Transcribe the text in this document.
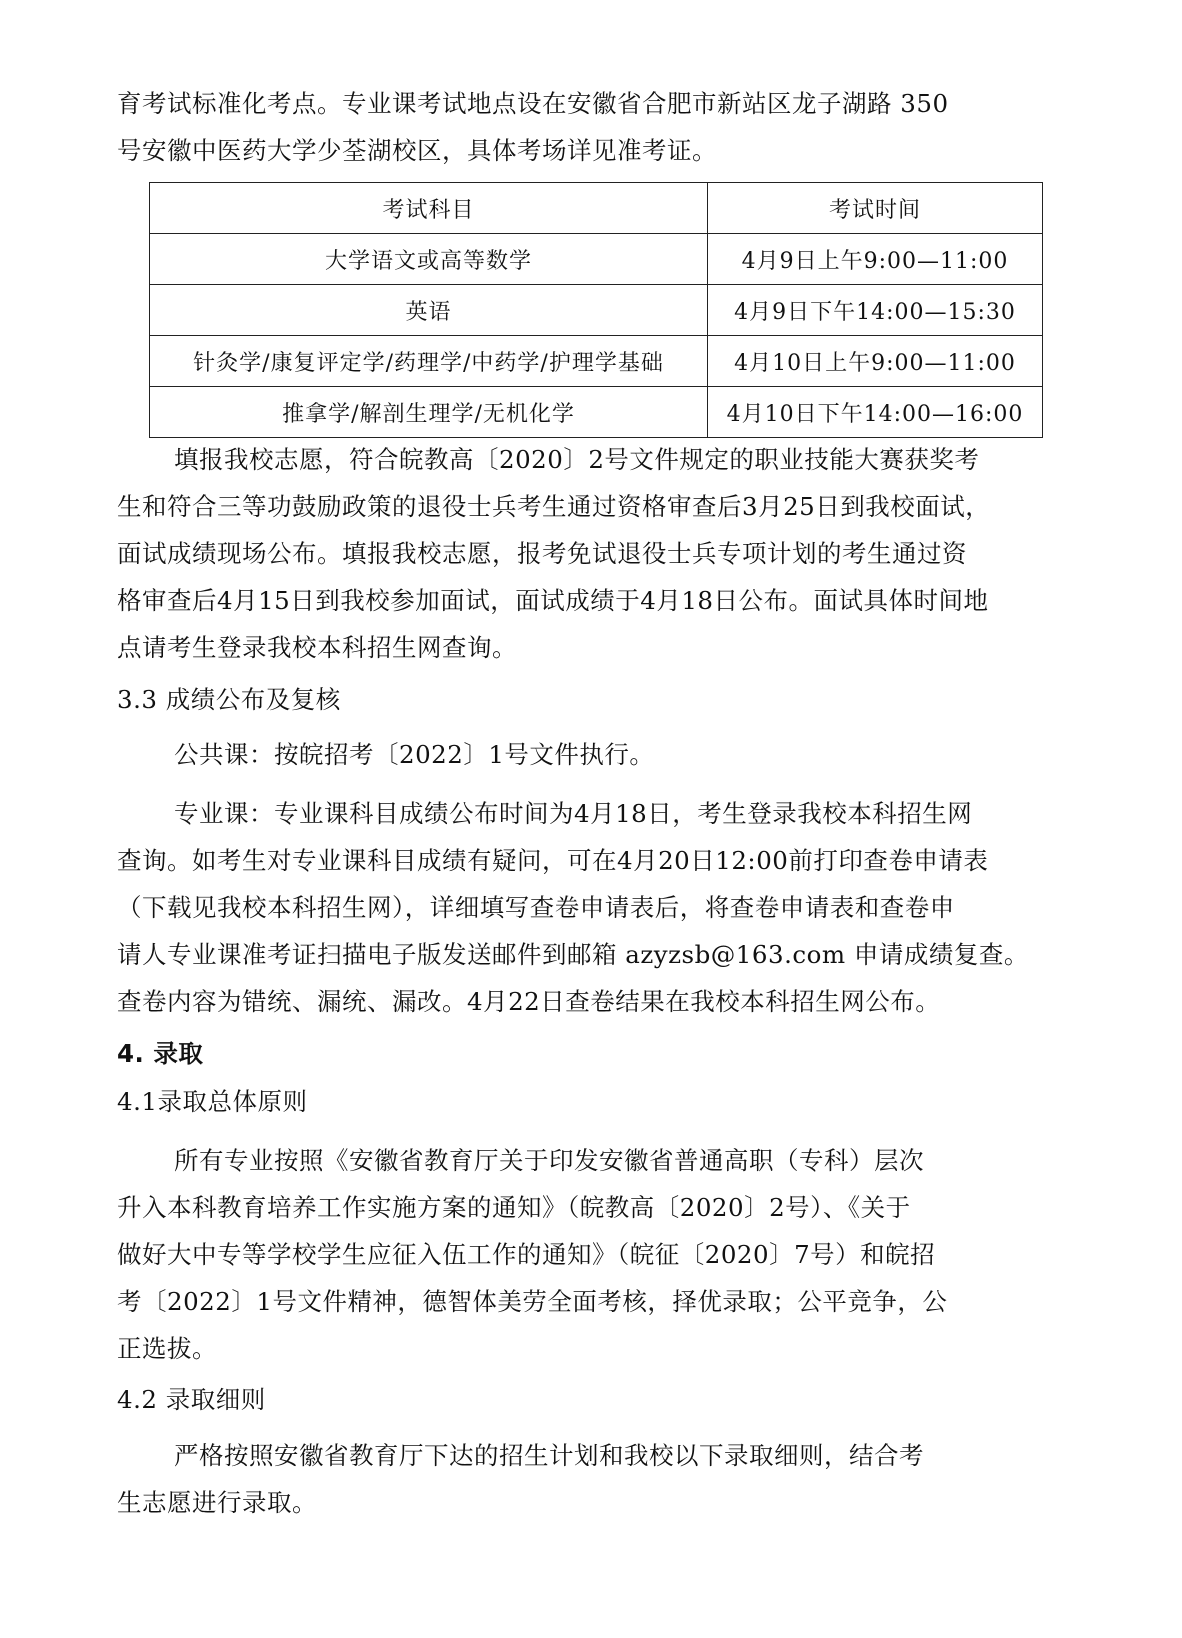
育考试标准化考点。专业课考试地点设在安徽省合肥市新站区龙子湖路 350

号安徽中医药大学少荃湖校区，具体考场详见准考证。

考试科目	考试时间
大学语文或高等数学	4月9日上午9:00—11:00
英语	4月9日下午14:00—15:30
针灸学/康复评定学/药理学/中药学/护理学基础	4月10日上午9:00—11:00
推拿学/解剖生理学/无机化学	4月10日下午14:00—16:00

填报我校志愿，符合皖教高〔2020〕2号文件规定的职业技能大赛获奖考

生和符合三等功鼓励政策的退役士兵考生通过资格审查后3月25日到我校面试，

面试成绩现场公布。填报我校志愿，报考免试退役士兵专项计划的考生通过资

格审查后4月15日到我校参加面试，面试成绩于4月18日公布。面试具体时间地

点请考生登录我校本科招生网查询。

3.3 成绩公布及复核

公共课：按皖招考〔2022〕1号文件执行。

专业课：专业课科目成绩公布时间为4月18日，考生登录我校本科招生网

查询。如考生对专业课科目成绩有疑问，可在4月20日12:00前打印查卷申请表

（下载见我校本科招生网），详细填写查卷申请表后，将查卷申请表和查卷申

请人专业课准考证扫描电子版发送邮件到邮箱 azyzsb@163.com 申请成绩复查。

查卷内容为错统、漏统、漏改。4月22日查卷结果在我校本科招生网公布。

4. 录取

4.1录取总体原则

所有专业按照《安徽省教育厅关于印发安徽省普通高职（专科）层次

升入本科教育培养工作实施方案的通知》（皖教高〔2020〕2号）、《关于

做好大中专等学校学生应征入伍工作的通知》（皖征〔2020〕7号）和皖招

考〔2022〕1号文件精神，德智体美劳全面考核，择优录取；公平竞争，公

正选拔。

4.2 录取细则

严格按照安徽省教育厅下达的招生计划和我校以下录取细则，结合考

生志愿进行录取。
